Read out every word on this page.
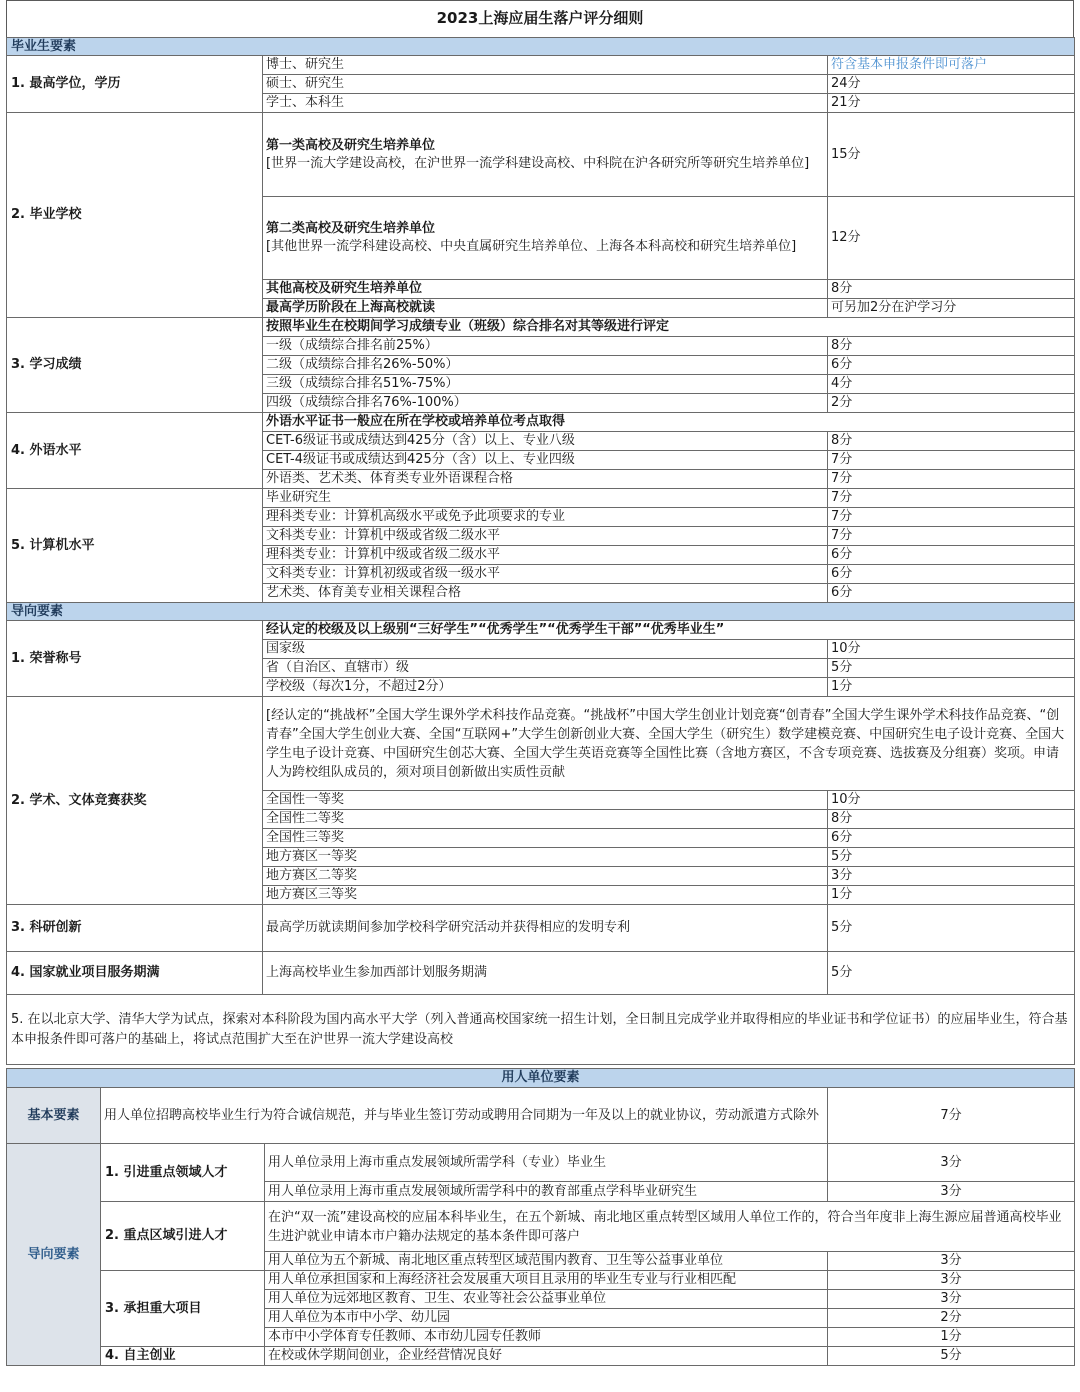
2023上海应届生落户评分细则
毕业生要素		
1. 最高学位，学历	博士、研究生	符含基本申报条件即可落户
	硕士、研究生	24分
	学士、本科生	21分
2. 毕业学校	第一类高校及研究生培养单位
[世界一流大学建设高校，在沪世界一流学科建设高校、中科院在沪各研究所等研究生培养单位]	15分

	第二类高校及研究生培养单位
[其他世界一流学科建设高校、中央直属研究生培养单位、上海各本科高校和研究生培养单位]	12分
	其他高校及研究生培养单位	8分
	最高学历阶段在上海高校就读	可另加2分在沪学习分
3. 学习成绩	按照毕业生在校期间学习成绩专业（班级）综合排名对其等级进行评定	
	一级（成绩综合排名前25%）	8分
	二级（成绩综合排名26%-50%）	6分
	三级（成绩综合排名51%-75%）	4分
	四级（成绩综合排名76%-100%）	2分
4. 外语水平	外语水平证书一般应在所在学校或培养单位考点取得	
	CET-6级证书或成绩达到425分（含）以上、专业八级	8分
	CET-4级证书或成绩达到425分（含）以上、专业四级	7分
	外语类、艺术类、体育类专业外语课程合格	7分
5. 计算机水平	毕业研究生	7分
	理科类专业：计算机高级水平或免予此项要求的专业	7分
	文科类专业：计算机中级或省级二级水平	7分
	理科类专业：计算机中级或省级二级水平	6分
	文科类专业：计算机初级或省级一级水平	6分
	艺术类、体育美专业相关课程合格	6分
导向要素		
1. 荣誉称号	经认定的校级及以上级别“三好学生”“优秀学生”“优秀学生干部”“优秀毕业生”	
	国家级	10分
	省（自治区、直辖市）级	5分
	学校级（每次1分，不超过2分）	1分
2. 学术、文体竞赛获奖	[经认定的“挑战杯”全国大学生课外学术科技作品竞赛。“挑战杯”中国大学生创业计划竞赛“创青春”全国大学生课外学术科技作品竞赛、“创青春”全国大学生创业大赛、全国“互联网+”大学生创新创业大赛、全国大学生（研究生）数学建模竞赛、中国研究生电子设计竞赛、全国大学生电子设计竞赛、中国研究生创芯大赛、全国大学生英语竞赛等全国性比赛（含地方赛区，不含专项竞赛、选拔赛及分组赛）奖项。申请人为跨校组队成员的，须对项目创新做出实质性贡献	
	全国性一等奖	10分
	全国性二等奖	8分
	全国性三等奖	6分
	地方赛区一等奖	5分
	地方赛区二等奖	3分
	地方赛区三等奖	1分
3. 科研创新	最高学历就读期间参加学校科学研究活动并获得相应的发明专利	5分
4. 国家就业项目服务期满	上海高校毕业生参加西部计划服务期满	5分
5. 在以北京大学、清华大学为试点，探索对本科阶段为国内高水平大学（列入普通高校国家统一招生计划，全日制且完成学业并取得相应的毕业证书和学位证书）的应届毕业生，符合基本申报条件即可落户的基础上，将试点范围扩大至在沪世界一流大学建设高校		
用人单位要素			
基本要素	用人单位招聘高校毕业生行为符合诚信规范，并与毕业生签订劳动或聘用合同期为一年及以上的就业协议，劳动派遣方式除外		7分
导向要素	1. 引进重点领域人才	用人单位录用上海市重点发展领域所需学科（专业）毕业生	3分
		用人单位录用上海市重点发展领域所需学科中的教育部重点学科毕业研究生	3分
	2. 重点区域引进人才	在沪“双一流”建设高校的应届本科毕业生，在五个新城、南北地区重点转型区域用人单位工作的，符合当年度非上海生源应届普通高校毕业生进沪就业申请本市户籍办法规定的基本条件即可落户	
		用人单位为五个新城、南北地区重点转型区域范围内教育、卫生等公益事业单位	3分
	3. 承担重大项目	用人单位承担国家和上海经济社会发展重大项目且录用的毕业生专业与行业相匹配	3分
		用人单位为远郊地区教育、卫生、农业等社会公益事业单位	3分
		用人单位为本市中小学、幼儿园	2分
		本市中小学体育专任教师、本市幼儿园专任教师	1分
	4. 自主创业	在校或休学期间创业，企业经营情况良好	5分
